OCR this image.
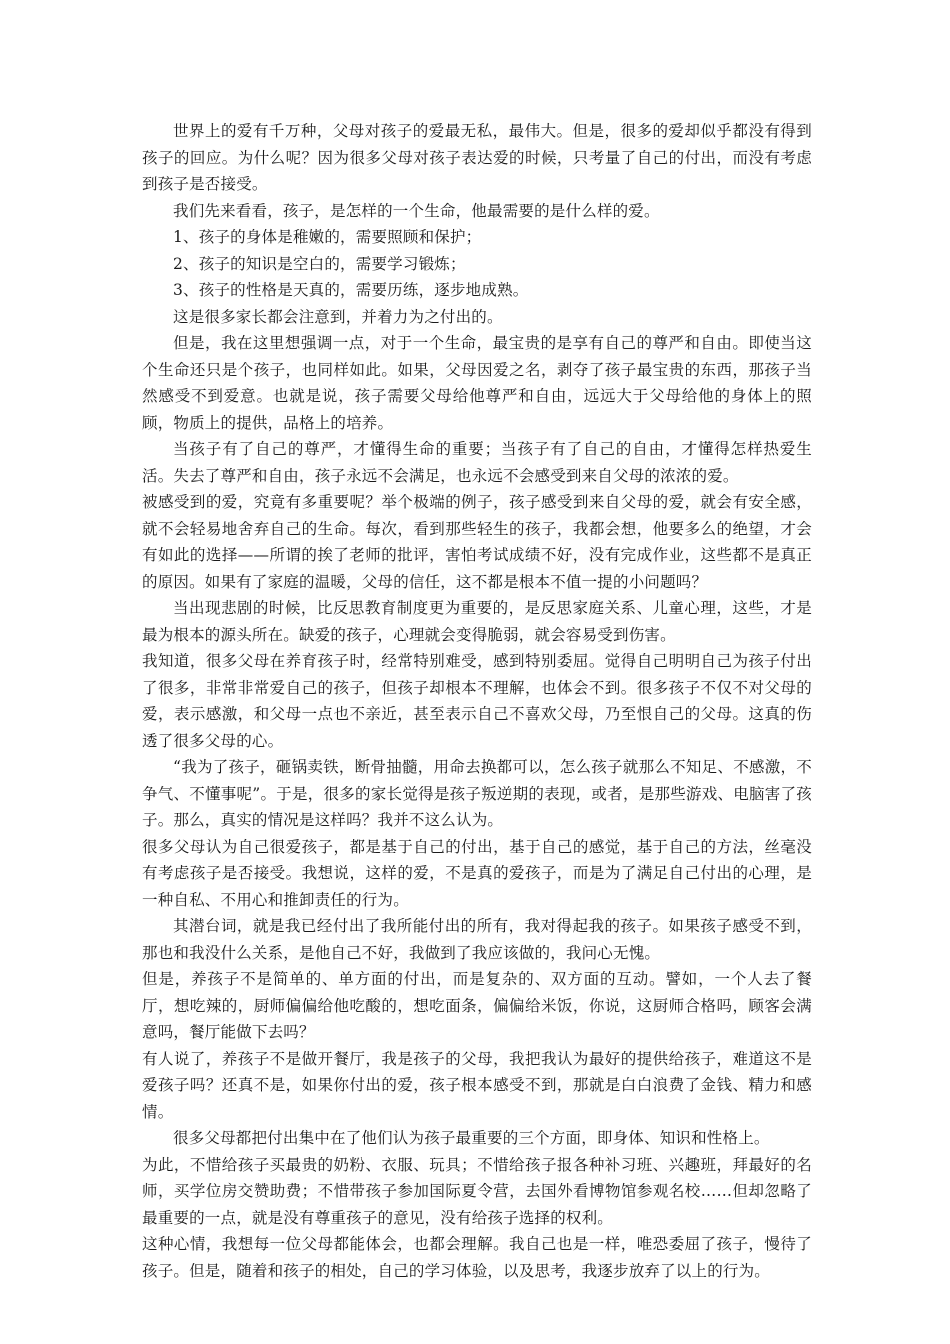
世界上的爱有千万种，父母对孩子的爱最无私，最伟大。但是，很多的爱却似乎都没有得到孩子的回应。为什么呢？因为很多父母对孩子表达爱的时候，只考量了自己的付出，而没有考虑到孩子是否接受。

我们先来看看，孩子，是怎样的一个生命，他最需要的是什么样的爱。

1、孩子的身体是稚嫩的，需要照顾和保护；

2、孩子的知识是空白的，需要学习锻炼；

3、孩子的性格是天真的，需要历练，逐步地成熟。

这是很多家长都会注意到，并着力为之付出的。

但是，我在这里想强调一点，对于一个生命，最宝贵的是享有自己的尊严和自由。即使当这个生命还只是个孩子，也同样如此。如果，父母因爱之名，剥夺了孩子最宝贵的东西，那孩子当然感受不到爱意。也就是说，孩子需要父母给他尊严和自由，远远大于父母给他的身体上的照顾，物质上的提供，品格上的培养。

当孩子有了自己的尊严，才懂得生命的重要；当孩子有了自己的自由，才懂得怎样热爱生活。失去了尊严和自由，孩子永远不会满足，也永远不会感受到来自父母的浓浓的爱。

被感受到的爱，究竟有多重要呢？举个极端的例子，孩子感受到来自父母的爱，就会有安全感，就不会轻易地舍弃自己的生命。每次，看到那些轻生的孩子，我都会想，他要多么的绝望，才会有如此的选择——所谓的挨了老师的批评，害怕考试成绩不好，没有完成作业，这些都不是真正的原因。如果有了家庭的温暖，父母的信任，这不都是根本不值一提的小问题吗？

当出现悲剧的时候，比反思教育制度更为重要的，是反思家庭关系、儿童心理，这些，才是最为根本的源头所在。缺爱的孩子，心理就会变得脆弱，就会容易受到伤害。

我知道，很多父母在养育孩子时，经常特别难受，感到特别委屈。觉得自己明明自己为孩子付出了很多，非常非常爱自己的孩子，但孩子却根本不理解，也体会不到。很多孩子不仅不对父母的爱，表示感激，和父母一点也不亲近，甚至表示自己不喜欢父母，乃至恨自己的父母。这真的伤透了很多父母的心。

“我为了孩子，砸锅卖铁，断骨抽髓，用命去换都可以，怎么孩子就那么不知足、不感激，不争气、不懂事呢”。于是，很多的家长觉得是孩子叛逆期的表现，或者，是那些游戏、电脑害了孩子。那么，真实的情况是这样吗？我并不这么认为。

很多父母认为自己很爱孩子，都是基于自己的付出，基于自己的感觉，基于自己的方法，丝毫没有考虑孩子是否接受。我想说，这样的爱，不是真的爱孩子，而是为了满足自己付出的心理，是一种自私、不用心和推卸责任的行为。

其潜台词，就是我已经付出了我所能付出的所有，我对得起我的孩子。如果孩子感受不到，那也和我没什么关系，是他自己不好，我做到了我应该做的，我问心无愧。

但是，养孩子不是简单的、单方面的付出，而是复杂的、双方面的互动。譬如，一个人去了餐厅，想吃辣的，厨师偏偏给他吃酸的，想吃面条，偏偏给米饭，你说，这厨师合格吗，顾客会满意吗，餐厅能做下去吗？

有人说了，养孩子不是做开餐厅，我是孩子的父母，我把我认为最好的提供给孩子，难道这不是爱孩子吗？还真不是，如果你付出的爱，孩子根本感受不到，那就是白白浪费了金钱、精力和感情。

很多父母都把付出集中在了他们认为孩子最重要的三个方面，即身体、知识和性格上。

为此，不惜给孩子买最贵的奶粉、衣服、玩具；不惜给孩子报各种补习班、兴趣班，拜最好的名师，买学位房交赞助费；不惜带孩子参加国际夏令营，去国外看博物馆参观名校……但却忽略了最重要的一点，就是没有尊重孩子的意见，没有给孩子选择的权利。

这种心情，我想每一位父母都能体会，也都会理解。我自己也是一样，唯恐委屈了孩子，慢待了孩子。但是，随着和孩子的相处，自己的学习体验，以及思考，我逐步放弃了以上的行为。
